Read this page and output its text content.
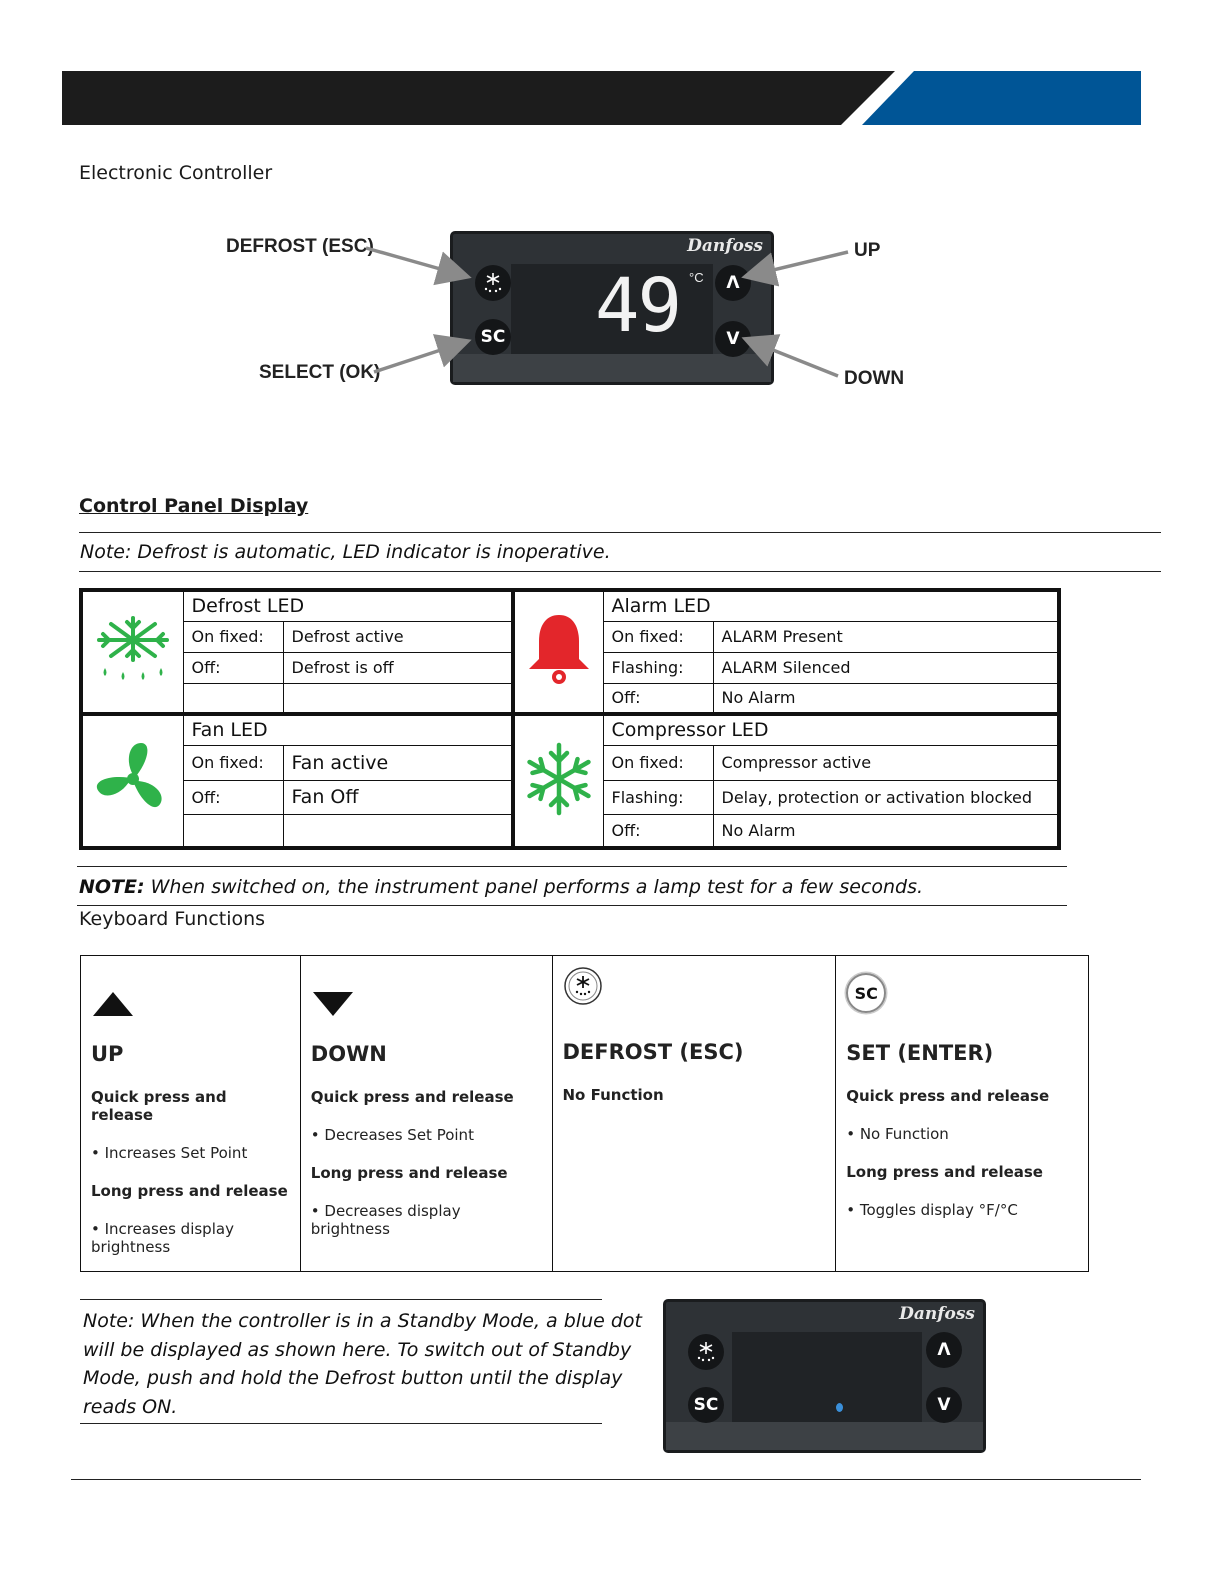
Electronic Controller
Danfoss
SC
Λ
V
49 °C
DEFROST (ESC)
SELECT (OK)
UP
DOWN
Control Panel Display
Note: Defrost is automatic, LED indicator is inoperative.
	Defrost LED			Alarm LED	
	On fixed:	Defrost active		On fixed:	ALARM Present
	Off:	Defrost is off		Flashing:	ALARM Silenced
				Off:	No Alarm
	Fan LED			Compressor LED	
	On fixed:	Fan active		On fixed:	Compressor active
	Off:	Fan Off		Flashing:	Delay, protection or activation blocked
				Off:	No Alarm
NOTE: When switched on, the instrument panel performs a lamp test for a few seconds.
Keyboard Functions
UP
Quick press and release
• Increases Set Point
Long press and release
• Increases display brightness

DOWN
Quick press and release
• Decreases Set Point
Long press and release
• Decreases display brightness

DEFROST (ESC)
No Function

SC
SET (ENTER)
Quick press and release
• No Function
Long press and release
• Toggles display °F/°C
Note: When the controller is in a Standby Mode, a blue dot
will be displayed as shown here. To switch out of Standby
Mode, push and hold the Defrost button until the display
reads ON.
Danfoss
SC
Λ
V
